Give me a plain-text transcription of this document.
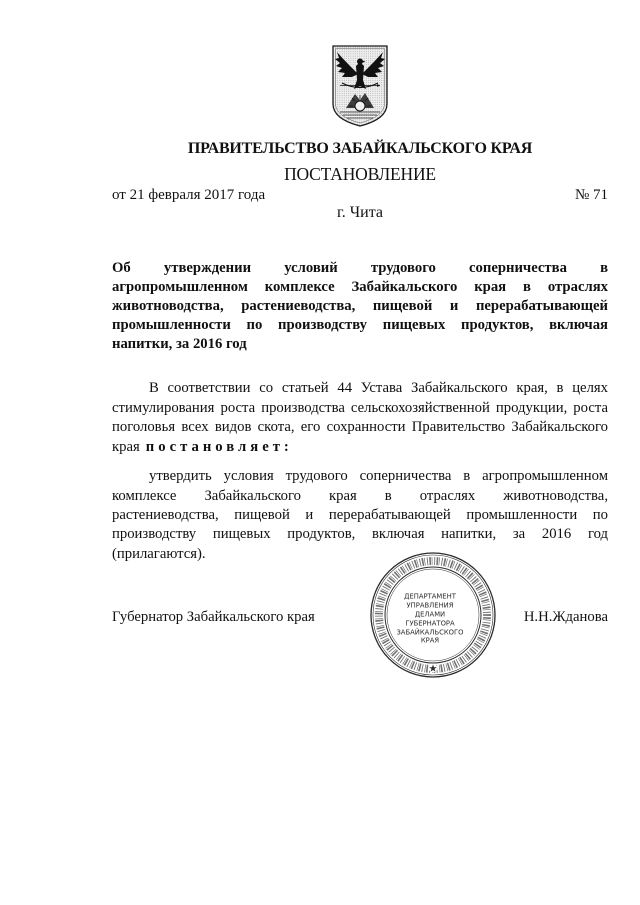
ПРАВИТЕЛЬСТВО ЗАБАЙКАЛЬСКОГО КРАЯ
ПОСТАНОВЛЕНИЕ
от 21 февраля 2017 года	№ 71
г. Чита
Об утверждении условий трудового соперничества в
агропромышленном комплексе Забайкальского края в отраслях
животноводства, растениеводства, пищевой и перерабатывающей
промышленности по производству пищевых продуктов, включая
напитки, за 2016 год
В соответствии со статьей 44 Устава Забайкальского края, в целях
стимулирования роста производства сельскохозяйственной продукции, роста
поголовья всех видов скота, его сохранности Правительство Забайкальского
края постановляет:
утвердить условия трудового соперничества в агропромышленном
комплексе Забайкальского края в отраслях животноводства,
растениеводства, пищевой и перерабатывающей промышленности по
производству пищевых продуктов, включая напитки, за 2016 год
(прилагаются).
ДЕПАРТАМЕНТ
УПРАВЛЕНИЯ
ДЕЛАМИ
ГУБЕРНАТОРА
ЗАБАЙКАЛЬСКОГО
КРАЯ
Губернатор Забайкальского края	Н.Н.Жданова
